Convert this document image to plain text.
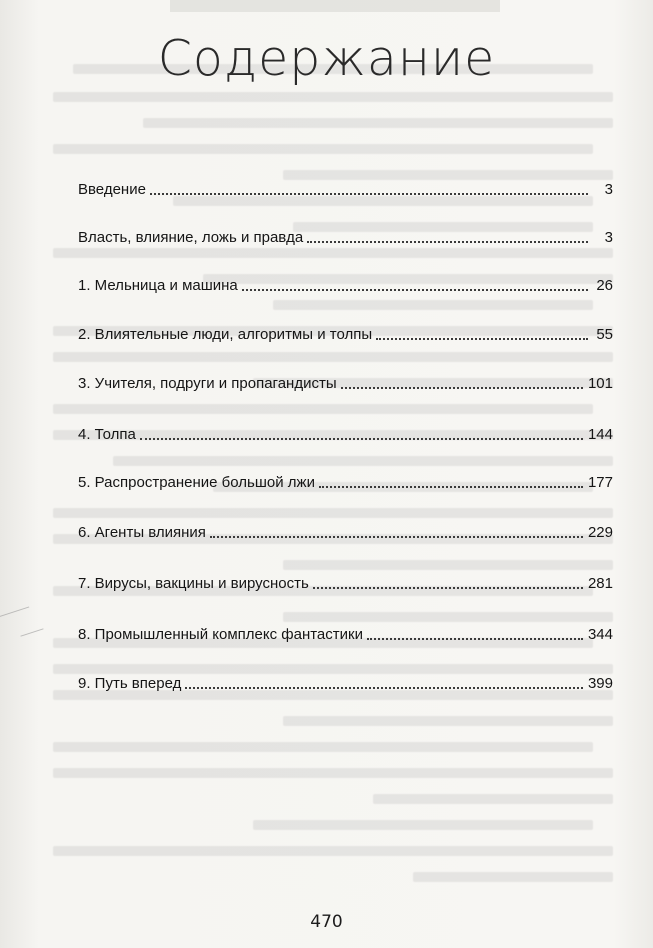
Содержание
Введение	3
Власть, влияние, ложь и правда	3
1. Мельница и машина	26
2. Влиятельные люди, алгоритмы и толпы	55
3. Учителя, подруги и пропагандисты	101
4. Толпа	144
5. Распространение большой лжи	177
6. Агенты влияния	229
7. Вирусы, вакцины и вирусность	281
8. Промышленный комплекс фантастики	344
9. Путь вперед	399
470
